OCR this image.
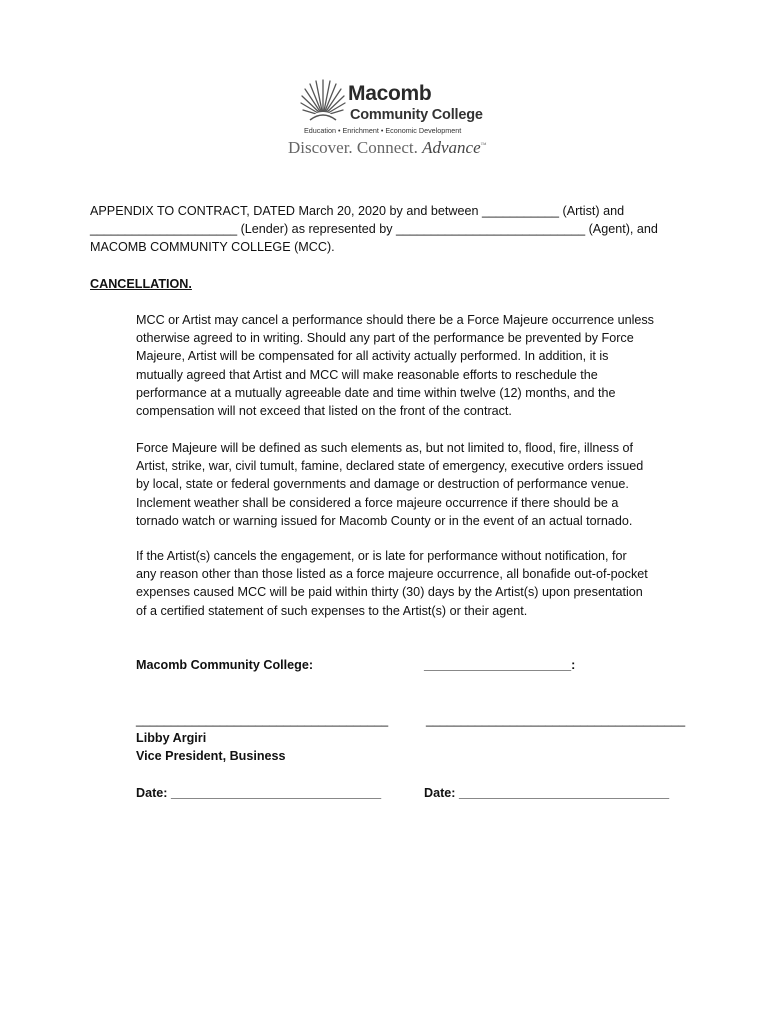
Macomb
Community College
Education • Enrichment • Economic Development
Discover. Connect. Advance™
APPENDIX TO CONTRACT, DATED March 20, 2020 by and between ___________ (Artist) and
_____________________ (Lender) as represented by ___________________________ (Agent), and
MACOMB COMMUNITY COLLEGE (MCC).
CANCELLATION.
MCC or Artist may cancel a performance should there be a Force Majeure occurrence unless
otherwise agreed to in writing. Should any part of the performance be prevented by Force
Majeure, Artist will be compensated for all activity actually performed. In addition, it is
mutually agreed that Artist and MCC will make reasonable efforts to reschedule the
performance at a mutually agreeable date and time within twelve (12) months, and the
compensation will not exceed that listed on the front of the contract.
Force Majeure will be defined as such elements as, but not limited to, flood, fire, illness of
Artist, strike, war, civil tumult, famine, declared state of emergency, executive orders issued
by local, state or federal governments and damage or destruction of performance venue.
Inclement weather shall be considered a force majeure occurrence if there should be a
tornado watch or warning issued for Macomb County or in the event of an actual tornado.
If the Artist(s) cancels the engagement, or is late for performance without notification, for
any reason other than those listed as a force majeure occurrence, all bonafide out-of-pocket
expenses caused MCC will be paid within thirty (30) days by the Artist(s) upon presentation
of a certified statement of such expenses to the Artist(s) or their agent.
Macomb Community College:	_____________________:
____________________________________	_____________________________________
Libby Argiri
Vice President, Business
Date: ______________________________	Date: ______________________________
